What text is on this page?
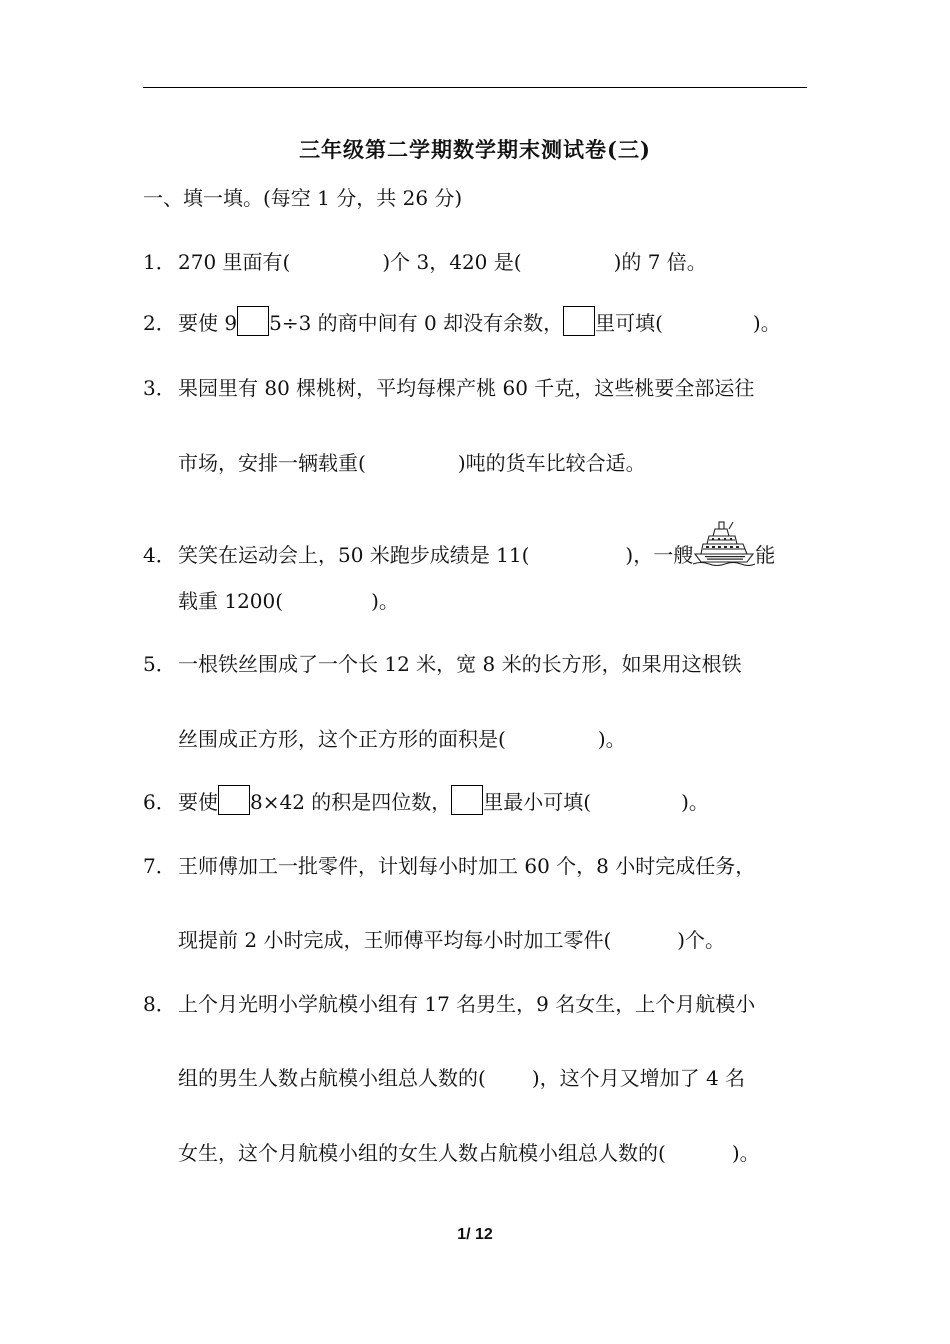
三年级第二学期数学期末测试卷(三)
一、填一填。(每空 1 分，共 26 分)
1． 270 里面有(	)个 3，420 是(	)的 7 倍。
2． 要使 9 5÷3 的商中间有 0 却没有余数， 里可填(	)。
3． 果园里有 80 棵桃树，平均每棵产桃 60 千克，这些桃要全部运往
市场，安排一辆载重(	)吨的货车比较合适。
4． 笑笑在运动会上，50 米跑步成绩是 11(	)，一艘	能
载重 1200(	)。
5． 一根铁丝围成了一个长 12 米，宽 8 米的长方形，如果用这根铁
丝围成正方形，这个正方形的面积是(	)。
6． 要使 8×42 的积是四位数， 里最小可填(	)。
7． 王师傅加工一批零件，计划每小时加工 60 个，8 小时完成任务，
现提前 2 小时完成，王师傅平均每小时加工零件(	)个。
8． 上个月光明小学航模小组有 17 名男生，9 名女生，上个月航模小
组的男生人数占航模小组总人数的( )，这个月又增加了 4 名
女生，这个月航模小组的女生人数占航模小组总人数的(	)。
1/ 12
